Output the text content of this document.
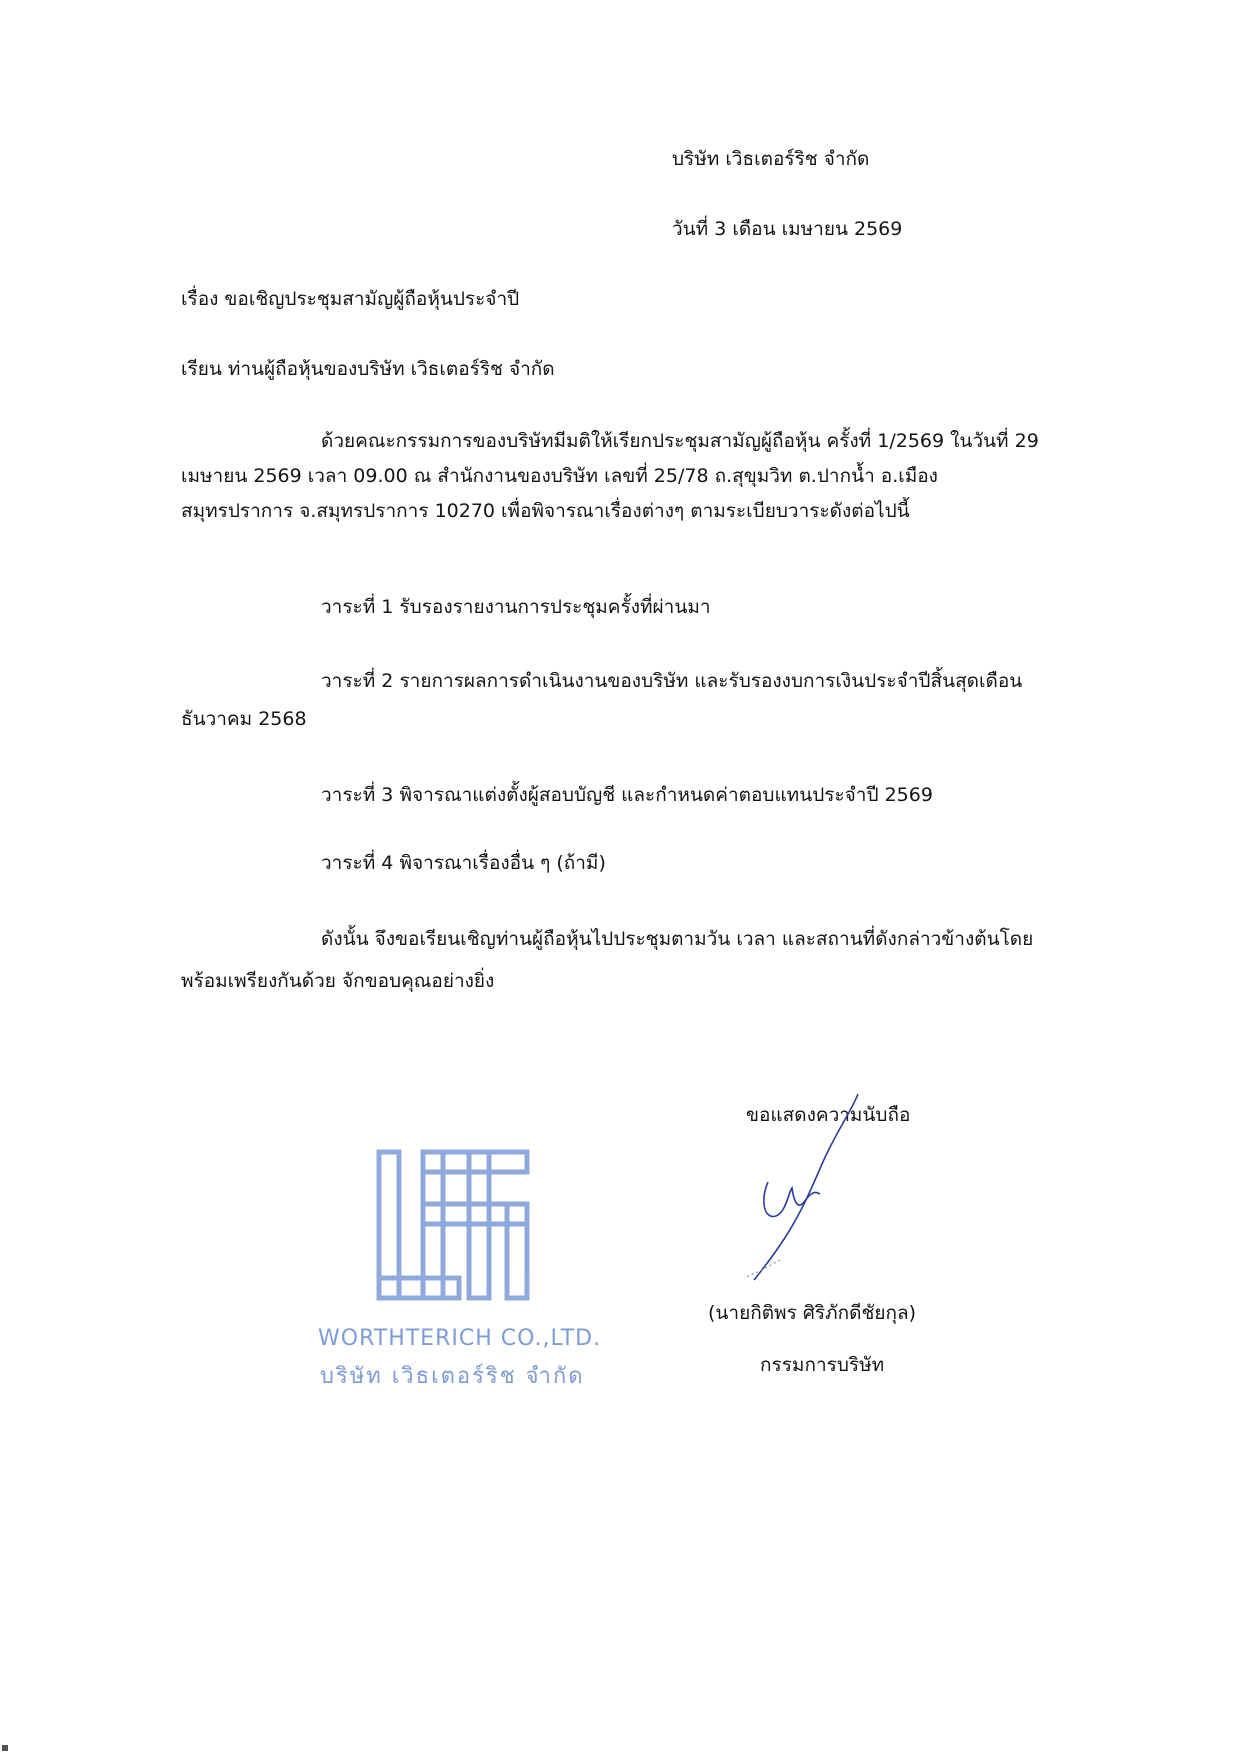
บริษัท เวิธเตอร์ริช จำกัด
วันที่ 3 เดือน เมษายน 2569
เรื่อง ขอเชิญประชุมสามัญผู้ถือหุ้นประจำปี
เรียน ท่านผู้ถือหุ้นของบริษัท เวิธเตอร์ริช จำกัด
ด้วยคณะกรรมการของบริษัทมีมติให้เรียกประชุมสามัญผู้ถือหุ้น ครั้งที่ 1/2569 ในวันที่ 29
เมษายน 2569 เวลา 09.00 ณ สำนักงานของบริษัท เลขที่ 25/78 ถ.สุขุมวิท ต.ปากน้ำ อ.เมือง
สมุทรปราการ จ.สมุทรปราการ 10270 เพื่อพิจารณาเรื่องต่างๆ ตามระเบียบวาระดังต่อไปนี้
วาระที่ 1 รับรองรายงานการประชุมครั้งที่ผ่านมา
วาระที่ 2 รายการผลการดำเนินงานของบริษัท และรับรองงบการเงินประจำปีสิ้นสุดเดือน
ธันวาคม 2568
วาระที่ 3 พิจารณาแต่งตั้งผู้สอบบัญชี และกำหนดค่าตอบแทนประจำปี 2569
วาระที่ 4 พิจารณาเรื่องอื่น ๆ (ถ้ามี)
ดังนั้น จึงขอเรียนเชิญท่านผู้ถือหุ้นไปประชุมตามวัน เวลา และสถานที่ดังกล่าวข้างต้นโดย
พร้อมเพรียงกันด้วย จักขอบคุณอย่างยิ่ง
ขอแสดงความนับถือ
(นายกิติพร ศิริภักดีชัยกุล)
กรรมการบริษัท
WORTHTERICH CO.,LTD.
บริษัท เวิธเตอร์ริช จำกัด
